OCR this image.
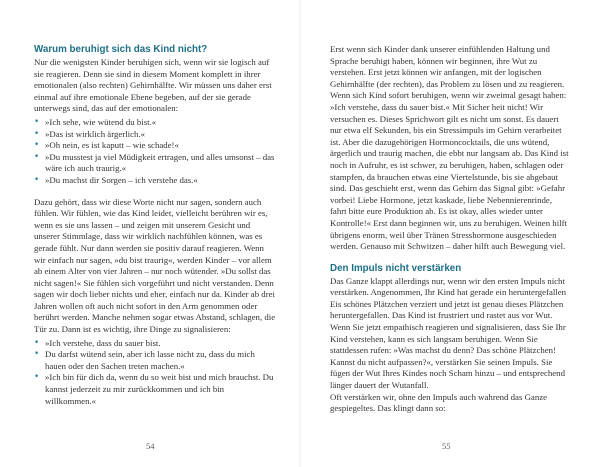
Warum beruhigt sich das Kind nicht?

Nur die wenigsten Kinder beruhigen sich, wenn wir sie logisch auf sie reagieren. Denn sie sind in diesem Moment komplett in ihrer emotionalen (also rechten) Gehirnhälfte. Wir müssen uns daher erst einmal auf ihre emotionale Ebene begeben, auf der sie gerade unterwegs sind, das auf der emotionalen:

• »Ich sehe, wie wütend du bist.«
• »Das ist wirklich ärgerlich.«
• »Oh nein, es ist kaputt – wie schade!«
• »Du musstest ja viel Müdigkeit ertragen, und alles umsonst – das wäre ich auch traurig.«
• »Du machst dir Sorgen – ich verstehe das.«

Dazu gehört, dass wir diese Worte nicht nur sagen, sondern auch fühlen. Wir fühlen, wie das Kind leidet, vielleicht berühren wir es, wenn es sie uns lassen – und zeigen mit unserem Gesicht und unserer Stimmlage, dass wir wirklich nachfühlen können, was es gerade fühlt. Nur dann werden sie positiv darauf reagieren. Wenn wir einfach nur sagen, »du bist traurig«, werden Kinder – vor allem ab einem Alter von vier Jahren – nur noch wütender. »Du sollst das nicht sagen!« Sie fühlen sich vorgeführt und nicht verstanden. Denn sagen wir doch lieber nichts und eher, einfach nur da. Kinder ab drei Jahren wollen oft auch nicht sofort in den Arm genommen oder berührt werden. Manche nehmen sogar etwas Abstand, schlagen, die Tür zu. Dann ist es wichtig, ihre Dinge zu signalisieren:

• »Ich verstehe, dass du sauer bist.
• Du darfst wütend sein, aber ich lasse nicht zu, dass du mich hauen oder den Sachen treten machen.«
• »Ich bin für dich da, wenn du so weit bist und mich brauchst. Du kannst jederzeit zu mir zurückkommen und ich bin willkommen.«
54

Erst wenn sich Kinder dank unserer einfühlenden Haltung und Sprache beruhigt haben, können wir beginnen, ihre Wut zu verstehen. Erst jetzt können wir anfangen, mit der logischen Gehirnhälfte (der rechten), das Problem zu lösen und zu reagieren.

Wenn sich Kind sofort beruhigen, wenn wir zweimal gesagt haben: »Ich verstehe, dass du sauer bist.« Mit Sicher heit nicht! Wir versuchen es. Dieses Sprichwort gilt es nicht um sonst. Es dauert nur etwa elf Sekunden, bis ein Stressimpuls im Gehirn verarbeitet ist. Aber die dazugehörigen Hormoncocktails, die uns wütend, ärgerlich und traurig machen, die ebbt nur langsam ab. Das Kind ist noch in Aufruhr, es ist schwer, zu beruhigen, haben, schlagen oder stampfen, da brauchen etwas eine Viertelstunde, bis sie abgebaut sind. Das geschieht erst, wenn das Gehirn das Signal gibt: »Gefahr vorbei! Liebe Hormone, jetzt kaskade, liebe Nebennierenrinde, fahrt bitte eure Produktion ab. Es ist okay, alles wieder unter Kontrolle!« Erst dann beginnen wir, uns zu beruhigen. Weinen hilft übrigens enorm, weil über Tränen Stresshormone ausgeschieden werden. Genauso mit Schwitzen – daher hilft auch Bewegung viel.

Den Impuls nicht verstärken

Das Ganze klappt allerdings nur, wenn wir den ersten Impuls nicht verstärken. Angenommen, Ihr Kind hat gerade ein heruntergefallen Eis schönes Plätzchen verziert und jetzt ist genau dieses Plätzchen heruntergefallen. Das Kind ist frustriert und rastet aus vor Wut.

Wenn Sie jetzt empathisch reagieren und signalisieren, dass Sie Ihr Kind verstehen, kann es sich langsam beruhigen. Wenn Sie stattdessen rufen: »Was machst du denn? Das schöne Plätzchen! Kannst du nicht aufpassen?«, verstärken Sie seinen Impuls. Sie fügen der Wut Ihres Kindes noch Scham hinzu – und entsprechend länger dauert der Wutanfall.

Oft verstärken wir, ohne den Impuls auch wahrend das Ganze gespiegeltes. Das klingt dann so:

55
